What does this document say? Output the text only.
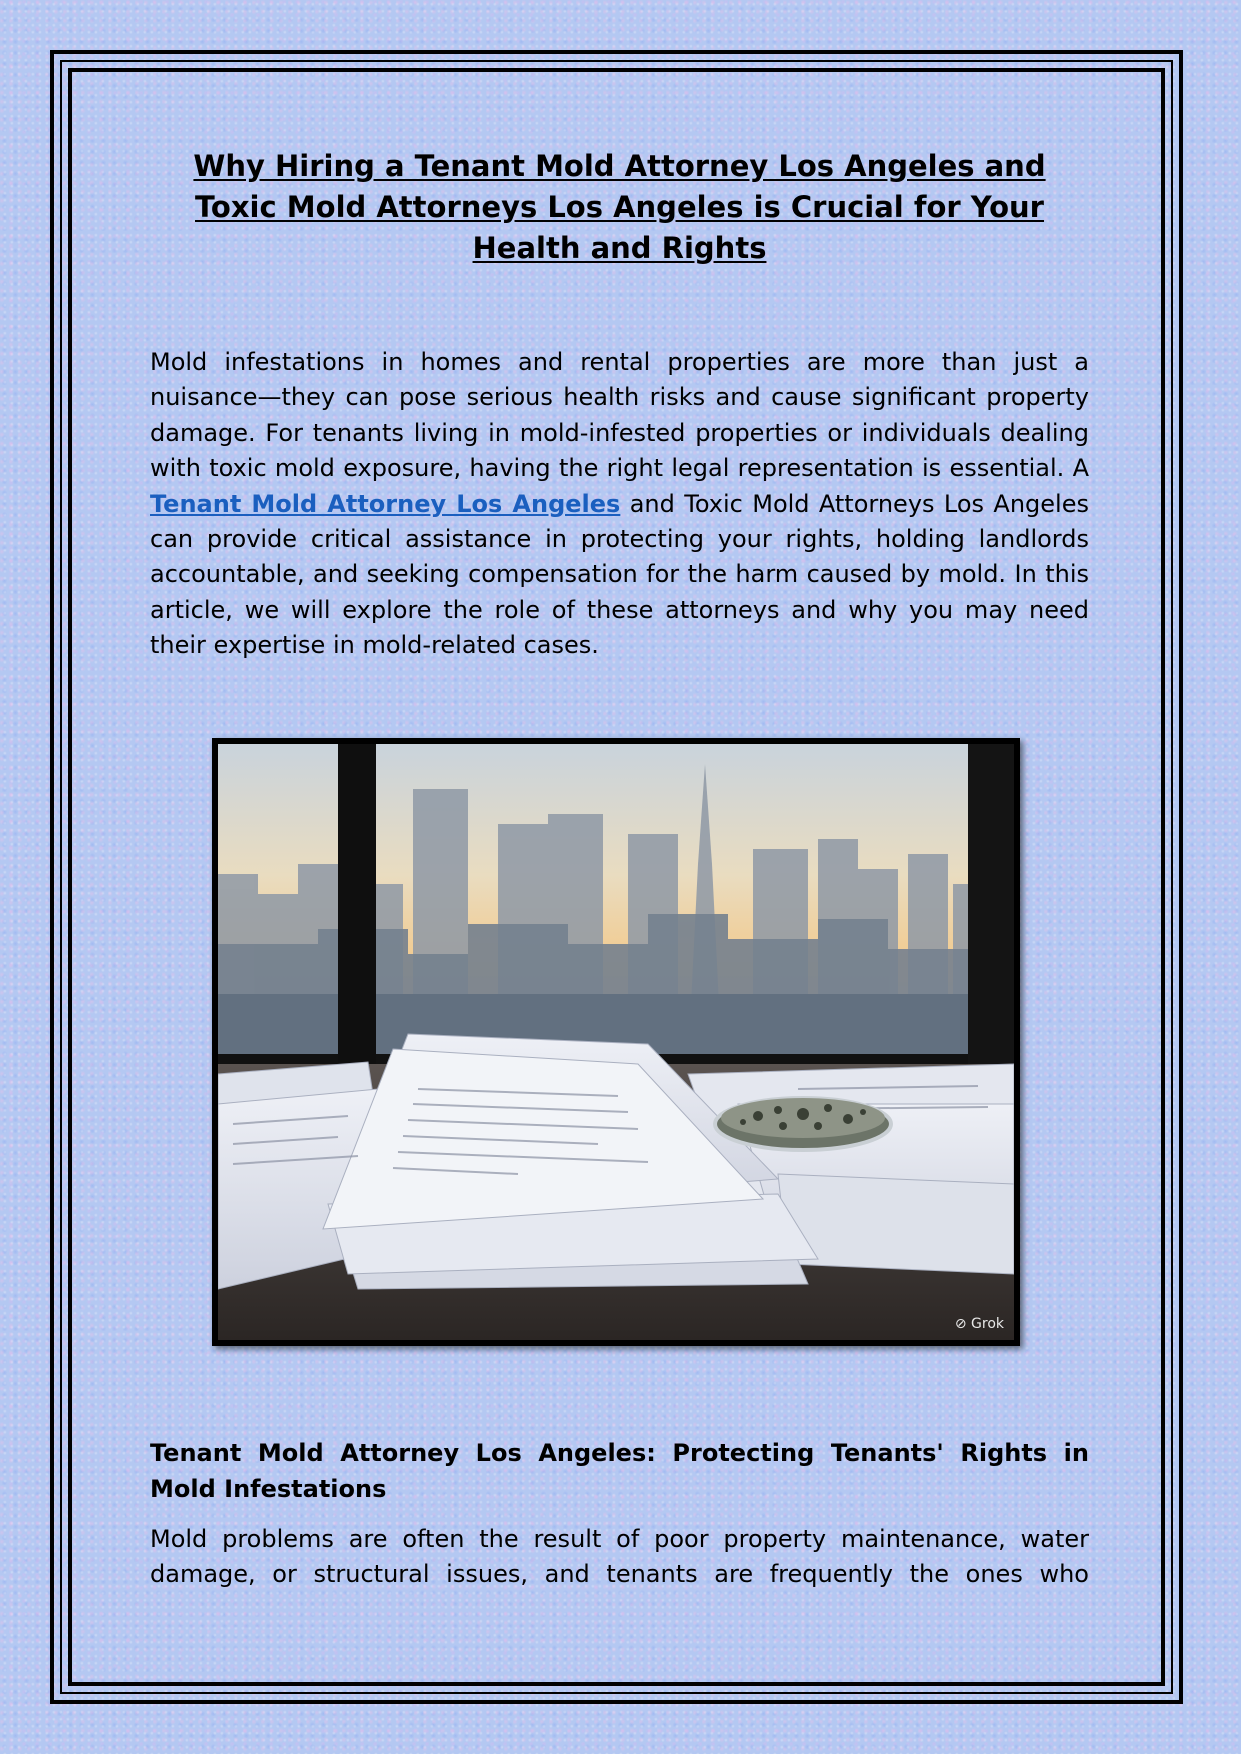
Why Hiring a Tenant Mold Attorney Los Angeles and Toxic Mold Attorneys Los Angeles is Crucial for Your Health and Rights

Mold infestations in homes and rental properties are more than just a nuisance—they can pose serious health risks and cause significant property damage. For tenants living in mold-infested properties or individuals dealing with toxic mold exposure, having the right legal representation is essential. A Tenant Mold Attorney Los Angeles and Toxic Mold Attorneys Los Angeles can provide critical assistance in protecting your rights, holding landlords accountable, and seeking compensation for the harm caused by mold. In this article, we will explore the role of these attorneys and why you may need their expertise in mold-related cases.

Tenant Mold Attorney Los Angeles: Protecting Tenants' Rights in Mold Infestations

Mold problems are often the result of poor property maintenance, water damage, or structural issues, and tenants are frequently the ones who

⊘ Grok
